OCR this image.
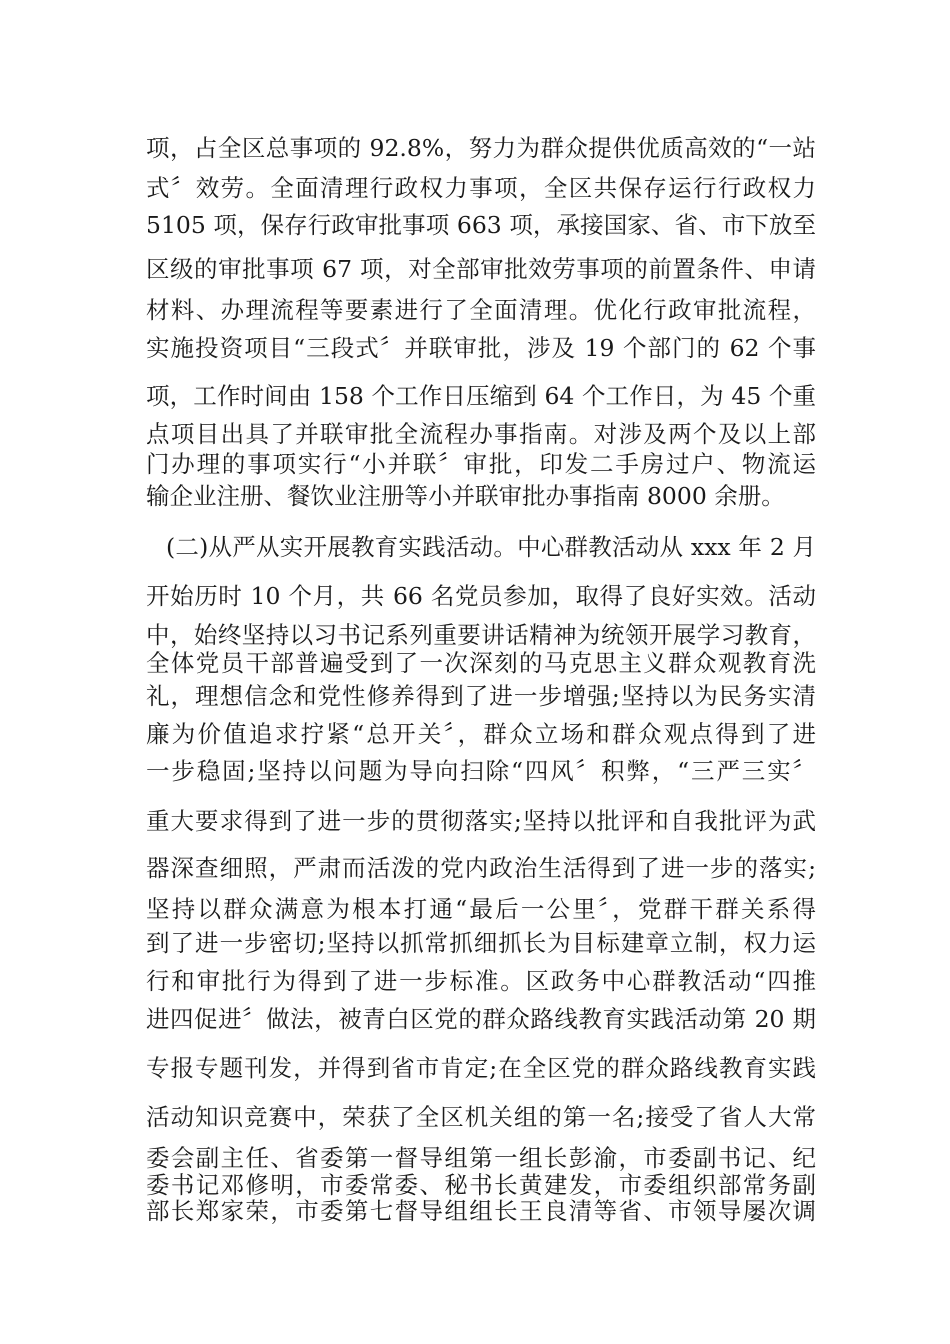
项，占全区总事项的 92.8%，努力为群众提供优质高效的“一站
式〞效劳。全面清理行政权力事项，全区共保存运行行政权力
5105 项，保存行政审批事项 663 项，承接国家、省、市下放至
区级的审批事项 67 项，对全部审批效劳事项的前置条件、申请
材料、办理流程等要素进行了全面清理。优化行政审批流程，
实施投资项目“三段式〞并联审批，涉及 19 个部门的 62 个事
项，工作时间由 158 个工作日压缩到 64 个工作日，为 45 个重
点项目出具了并联审批全流程办事指南。对涉及两个及以上部
门办理的事项实行“小并联〞审批，印发二手房过户、物流运
输企业注册、餐饮业注册等小并联审批办事指南 8000 余册。
(二)从严从实开展教育实践活动。中心群教活动从 xxx 年 2 月
开始历时 10 个月，共 66 名党员参加，取得了良好实效。活动
中，始终坚持以习书记系列重要讲话精神为统领开展学习教育，
全体党员干部普遍受到了一次深刻的马克思主义群众观教育洗
礼，理想信念和党性修养得到了进一步增强;坚持以为民务实清
廉为价值追求拧紧“总开关〞，群众立场和群众观点得到了进
一步稳固;坚持以问题为导向扫除“四风〞积弊，“三严三实〞
重大要求得到了进一步的贯彻落实;坚持以批评和自我批评为武
器深查细照，严肃而活泼的党内政治生活得到了进一步的落实;
坚持以群众满意为根本打通“最后一公里〞，党群干群关系得
到了进一步密切;坚持以抓常抓细抓长为目标建章立制，权力运
行和审批行为得到了进一步标准。区政务中心群教活动“四推
进四促进〞做法，被青白区党的群众路线教育实践活动第 20 期
专报专题刊发，并得到省市肯定;在全区党的群众路线教育实践
活动知识竞赛中，荣获了全区机关组的第一名;接受了省人大常
委会副主任、省委第一督导组第一组长彭渝，市委副书记、纪
委书记邓修明，市委常委、秘书长黄建发，市委组织部常务副
部长郑家荣，市委第七督导组组长王良清等省、市领导屡次调
